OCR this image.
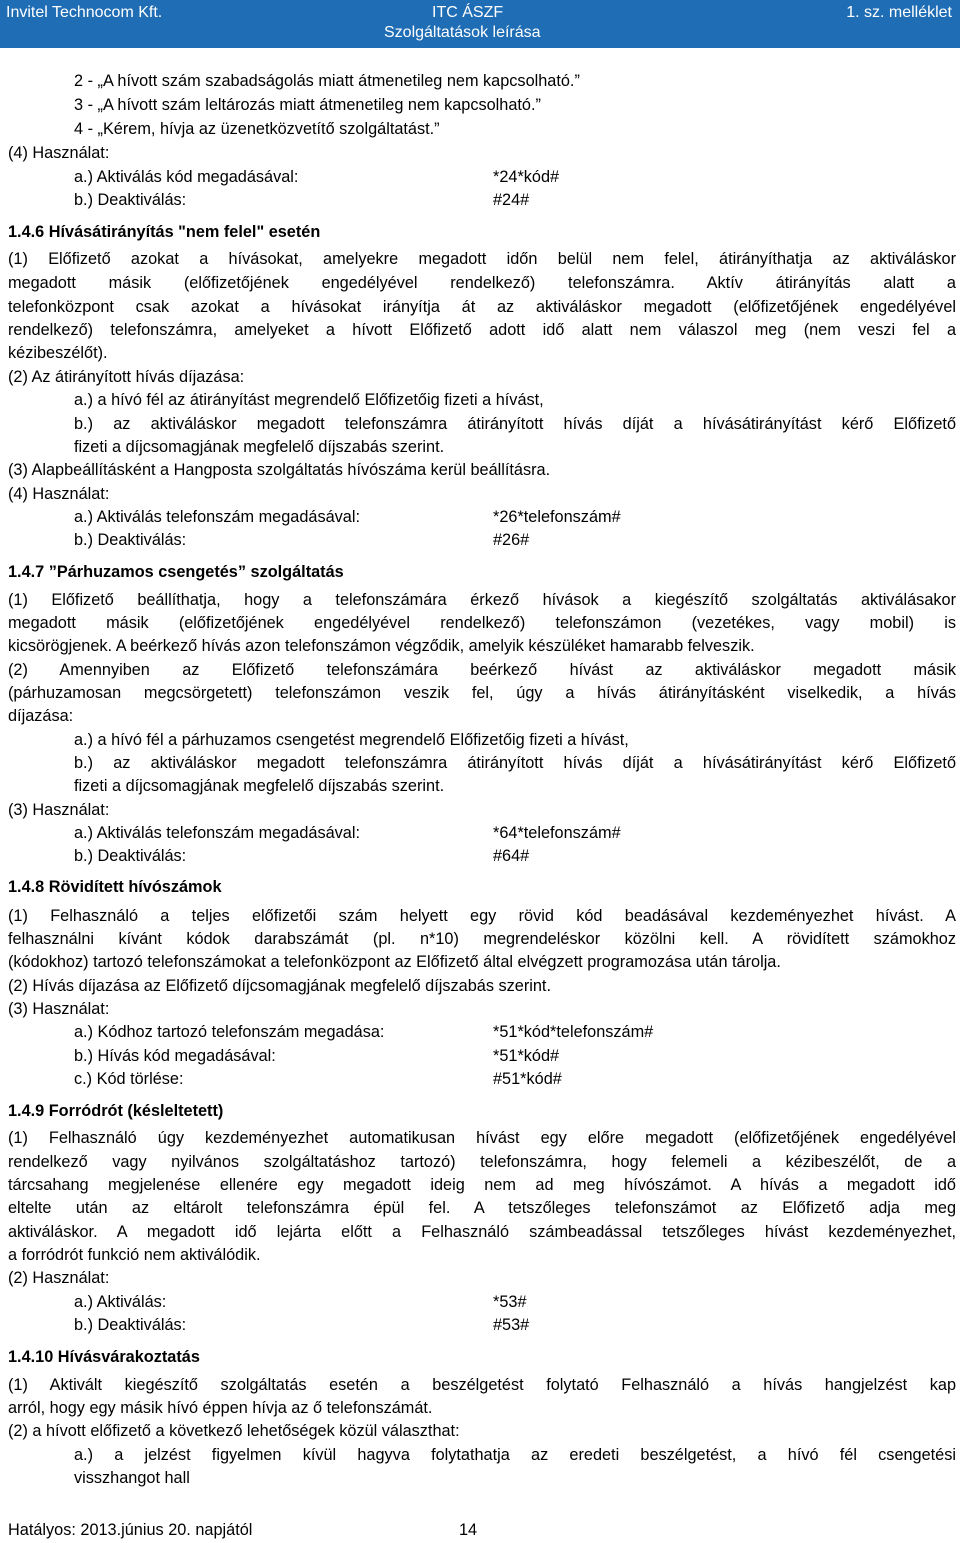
Invitel Technocom Kft.	ITC ÁSZF
Szolgáltatások leírása
1. sz. melléklet
2 - „A hívott szám szabadságolás miatt átmenetileg nem kapcsolható.”
3 - „A hívott szám leltározás miatt átmenetileg nem kapcsolható.”
4 - „Kérem, hívja az üzenetközvetítő szolgáltatást.”
(4) Használat:
a.) Aktiválás kód megadásával:	*24*kód#
b.) Deaktiválás:	#24#
1.4.6 Hívásátirányítás "nem felel" esetén
(1) Előfizető azokat a hívásokat, amelyekre megadott időn belül nem felel, átirányíthatja az aktiváláskor
megadott másik (előfizetőjének engedélyével rendelkező) telefonszámra. Aktív átirányítás alatt a
telefonközpont csak azokat a hívásokat irányítja át az aktiváláskor megadott (előfizetőjének engedélyével
rendelkező) telefonszámra, amelyeket a hívott Előfizető adott idő alatt nem válaszol meg (nem veszi fel a
kézibeszélőt).
(2) Az átirányított hívás díjazása:
a.) a hívó fél az átirányítást megrendelő Előfizetőig fizeti a hívást,
b.) az aktiváláskor megadott telefonszámra átirányított hívás díját a hívásátirányítást kérő Előfizető
fizeti a díjcsomagjának megfelelő díjszabás szerint.
(3) Alapbeállításként a Hangposta szolgáltatás hívószáma kerül beállításra.
(4) Használat:
a.) Aktiválás telefonszám megadásával:	*26*telefonszám#
b.) Deaktiválás:	#26#
1.4.7 ”Párhuzamos csengetés” szolgáltatás
(1) Előfizető beállíthatja, hogy a telefonszámára érkező hívások a kiegészítő szolgáltatás aktiválásakor
megadott másik (előfizetőjének engedélyével rendelkező) telefonszámon (vezetékes, vagy mobil) is
kicsörögjenek. A beérkező hívás azon telefonszámon végződik, amelyik készüléket hamarabb felveszik.
(2) Amennyiben az Előfizető telefonszámára beérkező hívást az aktiváláskor megadott másik
(párhuzamosan megcsörgetett) telefonszámon veszik fel, úgy a hívás átirányításként viselkedik, a hívás
díjazása:
a.) a hívó fél a párhuzamos csengetést megrendelő Előfizetőig fizeti a hívást,
b.) az aktiváláskor megadott telefonszámra átirányított hívás díját a hívásátirányítást kérő Előfizető
fizeti a díjcsomagjának megfelelő díjszabás szerint.
(3) Használat:
a.) Aktiválás telefonszám megadásával:	*64*telefonszám#
b.) Deaktiválás:	#64#
1.4.8 Rövidített hívószámok
(1) Felhasználó a teljes előfizetői szám helyett egy rövid kód beadásával kezdeményezhet hívást. A
felhasználni kívánt kódok darabszámát (pl. n*10) megrendeléskor közölni kell. A rövidített számokhoz
(kódokhoz) tartozó telefonszámokat a telefonközpont az Előfizető által elvégzett programozása után tárolja.
(2) Hívás díjazása az Előfizető díjcsomagjának megfelelő díjszabás szerint.
(3) Használat:
a.) Kódhoz tartozó telefonszám megadása:	*51*kód*telefonszám#
b.) Hívás kód megadásával:	*51*kód#
c.) Kód törlése:	#51*kód#
1.4.9 Forródrót (késleltetett)
(1) Felhasználó úgy kezdeményezhet automatikusan hívást egy előre megadott (előfizetőjének engedélyével
rendelkező vagy nyilvános szolgáltatáshoz tartozó) telefonszámra, hogy felemeli a kézibeszélőt, de a
tárcsahang megjelenése ellenére egy megadott ideig nem ad meg hívószámot. A hívás a megadott idő
eltelte után az eltárolt telefonszámra épül fel. A tetszőleges telefonszámot az Előfizető adja meg
aktiváláskor. A megadott idő lejárta előtt a Felhasználó számbeadással tetszőleges hívást kezdeményezhet,
a forródrót funkció nem aktiválódik.
(2) Használat:
a.) Aktiválás:	*53#
b.) Deaktiválás:	#53#
1.4.10 Hívásvárakoztatás
(1) Aktivált kiegészítő szolgáltatás esetén a beszélgetést folytató Felhasználó a hívás hangjelzést kap
arról, hogy egy másik hívó éppen hívja az ő telefonszámát.
(2) a hívott előfizető a következő lehetőségek közül választhat:
a.) a jelzést figyelmen kívül hagyva folytathatja az eredeti beszélgetést, a hívó fél csengetési
visszhangot hall
Hatályos: 2013.június 20. napjától	14
